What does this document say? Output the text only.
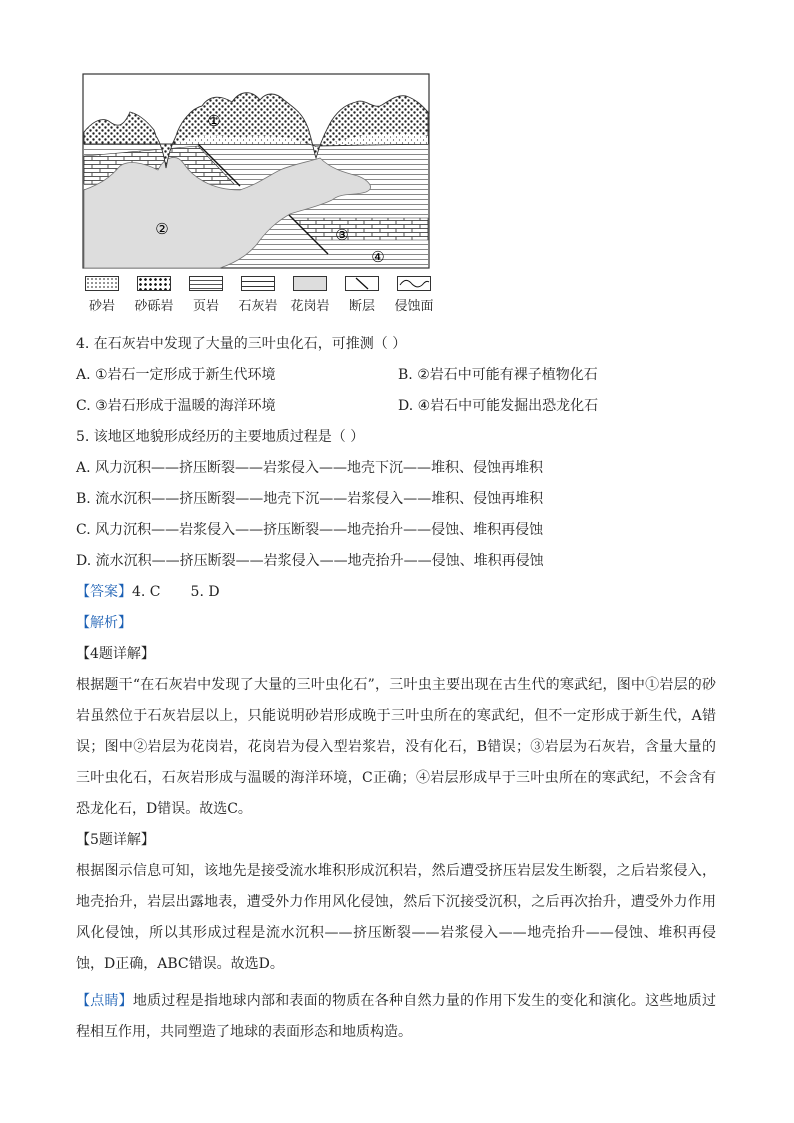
①
②	③
④
砂岩	砂砾岩	页岩	石灰岩 花岗岩	断层	侵蚀面
4. 在石灰岩中发现了大量的三叶虫化石，可推测（ ）
A. ①岩石一定形成于新生代环境	B. ②岩石中可能有裸子植物化石
C. ③岩石形成于温暖的海洋环境	D. ④岩石中可能发掘出恐龙化石
5. 该地区地貌形成经历的主要地质过程是（ ）
A. 风力沉积——挤压断裂——岩浆侵入——地壳下沉——堆积、侵蚀再堆积
B. 流水沉积——挤压断裂——地壳下沉——岩浆侵入——堆积、侵蚀再堆积
C. 风力沉积——岩浆侵入——挤压断裂——地壳抬升——侵蚀、堆积再侵蚀
D. 流水沉积——挤压断裂——岩浆侵入——地壳抬升——侵蚀、堆积再侵蚀
【答案】4. C 5. D
【解析】
【4题详解】
根据题干“在石灰岩中发现了大量的三叶虫化石”，三叶虫主要出现在古生代的寒武纪，图中①岩层的砂岩虽然位于石灰岩层以上，只能说明砂岩形成晚于三叶虫所在的寒武纪，但不一定形成于新生代，A错误；图中②岩层为花岗岩，花岗岩为侵入型岩浆岩，没有化石，B错误；③岩层为石灰岩，含量大量的三叶虫化石，石灰岩形成与温暖的海洋环境，C正确；④岩层形成早于三叶虫所在的寒武纪，不会含有恐龙化石，D错误。故选C。
【5题详解】
根据图示信息可知，该地先是接受流水堆积形成沉积岩，然后遭受挤压岩层发生断裂，之后岩浆侵入，地壳抬升，岩层出露地表，遭受外力作用风化侵蚀，然后下沉接受沉积，之后再次抬升，遭受外力作用风化侵蚀，所以其形成过程是流水沉积——挤压断裂——岩浆侵入——地壳抬升——侵蚀、堆积再侵蚀，D正确，ABC错误。故选D。
【点睛】地质过程是指地球内部和表面的物质在各种自然力量的作用下发生的变化和演化。这些地质过程相互作用，共同塑造了地球的表面形态和地质构造。
